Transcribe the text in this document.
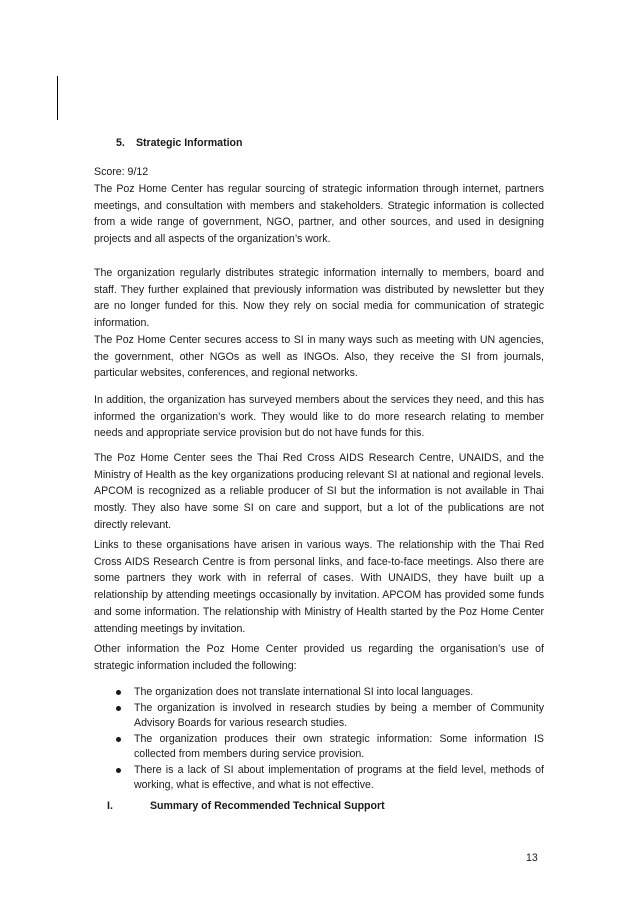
5. Strategic Information
Score: 9/12

The Poz Home Center has regular sourcing of strategic information through internet, partners meetings, and consultation with members and stakeholders. Strategic information is collected from a wide range of government, NGO, partner, and other sources, and used in designing projects and all aspects of the organization’s work.

The organization regularly distributes strategic information internally to members, board and staff. They further explained that previously information was distributed by newsletter but they are no longer funded for this. Now they rely on social media for communication of strategic information.

The Poz Home Center secures access to SI in many ways such as meeting with UN agencies, the government, other NGOs as well as INGOs. Also, they receive the SI from journals, particular websites, conferences, and regional networks.

In addition, the organization has surveyed members about the services they need, and this has informed the organization’s work. They would like to do more research relating to member needs and appropriate service provision but do not have funds for this.

The Poz Home Center sees the Thai Red Cross AIDS Research Centre, UNAIDS, and the Ministry of Health as the key organizations producing relevant SI at national and regional levels. APCOM is recognized as a reliable producer of SI but the information is not available in Thai mostly. They also have some SI on care and support, but a lot of the publications are not directly relevant.

Links to these organisations have arisen in various ways. The relationship with the Thai Red Cross AIDS Research Centre is from personal links, and face-to-face meetings. Also there are some partners they work with in referral of cases. With UNAIDS, they have built up a relationship by attending meetings occasionally by invitation. APCOM has provided some funds and some information. The relationship with Ministry of Health started by the Poz Home Center attending meetings by invitation.

Other information the Poz Home Center provided us regarding the organisation’s use of strategic information included the following:

The organization does not translate international SI into local languages.
The organization is involved in research studies by being a member of Community Advisory Boards for various research studies.
The organization produces their own strategic information: Some information IS collected from members during service provision.
There is a lack of SI about implementation of programs at the field level, methods of working, what is effective, and what is not effective.
I.	Summary of Recommended Technical Support
13
